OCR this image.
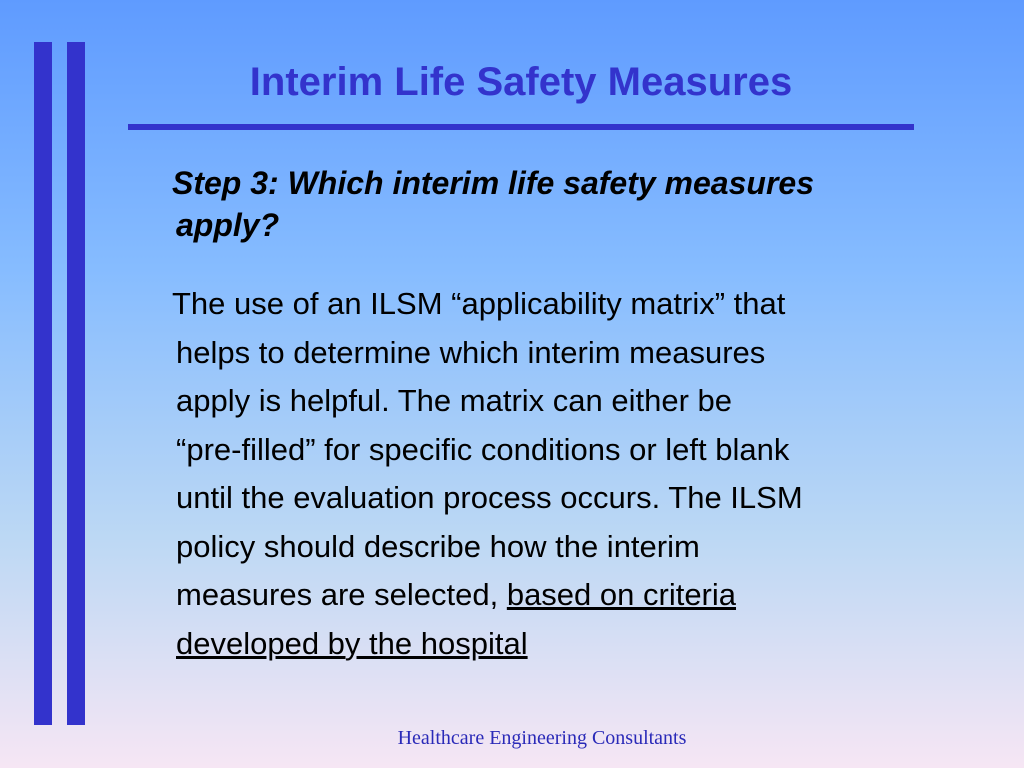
Interim Life Safety Measures

Step 3: Which interim life safety measures
apply?

The use of an ILSM “applicability matrix” that
helps to determine which interim measures
apply is helpful. The matrix can either be
“pre-filled” for specific conditions or left blank
until the evaluation process occurs. The ILSM
policy should describe how the interim
measures are selected, based on criteria
developed by the hospital

Healthcare Engineering Consultants
